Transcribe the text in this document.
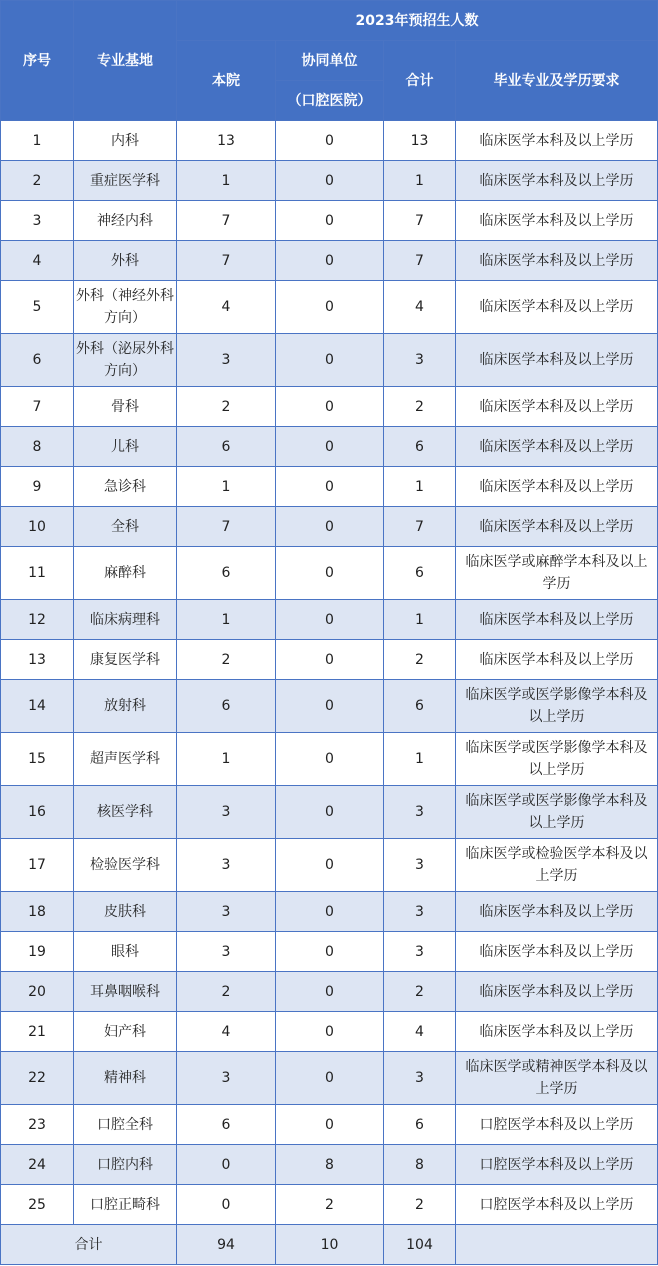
序号	专业基地	2023年预招生人数			
		本院	协同单位	合计	毕业专业及学历要求
			（口腔医院）		
1	内科	13	0	13	临床医学本科及以上学历
2	重症医学科	1	0	1	临床医学本科及以上学历
3	神经内科	7	0	7	临床医学本科及以上学历
4	外科	7	0	7	临床医学本科及以上学历
5	外科（神经外科方向）	4	0	4	临床医学本科及以上学历
6	外科（泌尿外科方向）	3	0	3	临床医学本科及以上学历
7	骨科	2	0	2	临床医学本科及以上学历
8	儿科	6	0	6	临床医学本科及以上学历
9	急诊科	1	0	1	临床医学本科及以上学历
10	全科	7	0	7	临床医学本科及以上学历
11	麻醉科	6	0	6	临床医学或麻醉学本科及以上学历
12	临床病理科	1	0	1	临床医学本科及以上学历
13	康复医学科	2	0	2	临床医学本科及以上学历
14	放射科	6	0	6	临床医学或医学影像学本科及以上学历
15	超声医学科	1	0	1	临床医学或医学影像学本科及以上学历
16	核医学科	3	0	3	临床医学或医学影像学本科及以上学历
17	检验医学科	3	0	3	临床医学或检验医学本科及以上学历
18	皮肤科	3	0	3	临床医学本科及以上学历
19	眼科	3	0	3	临床医学本科及以上学历
20	耳鼻咽喉科	2	0	2	临床医学本科及以上学历
21	妇产科	4	0	4	临床医学本科及以上学历
22	精神科	3	0	3	临床医学或精神医学本科及以上学历
23	口腔全科	6	0	6	口腔医学本科及以上学历
24	口腔内科	0	8	8	口腔医学本科及以上学历
25	口腔正畸科	0	2	2	口腔医学本科及以上学历
合计		94	10	104	
